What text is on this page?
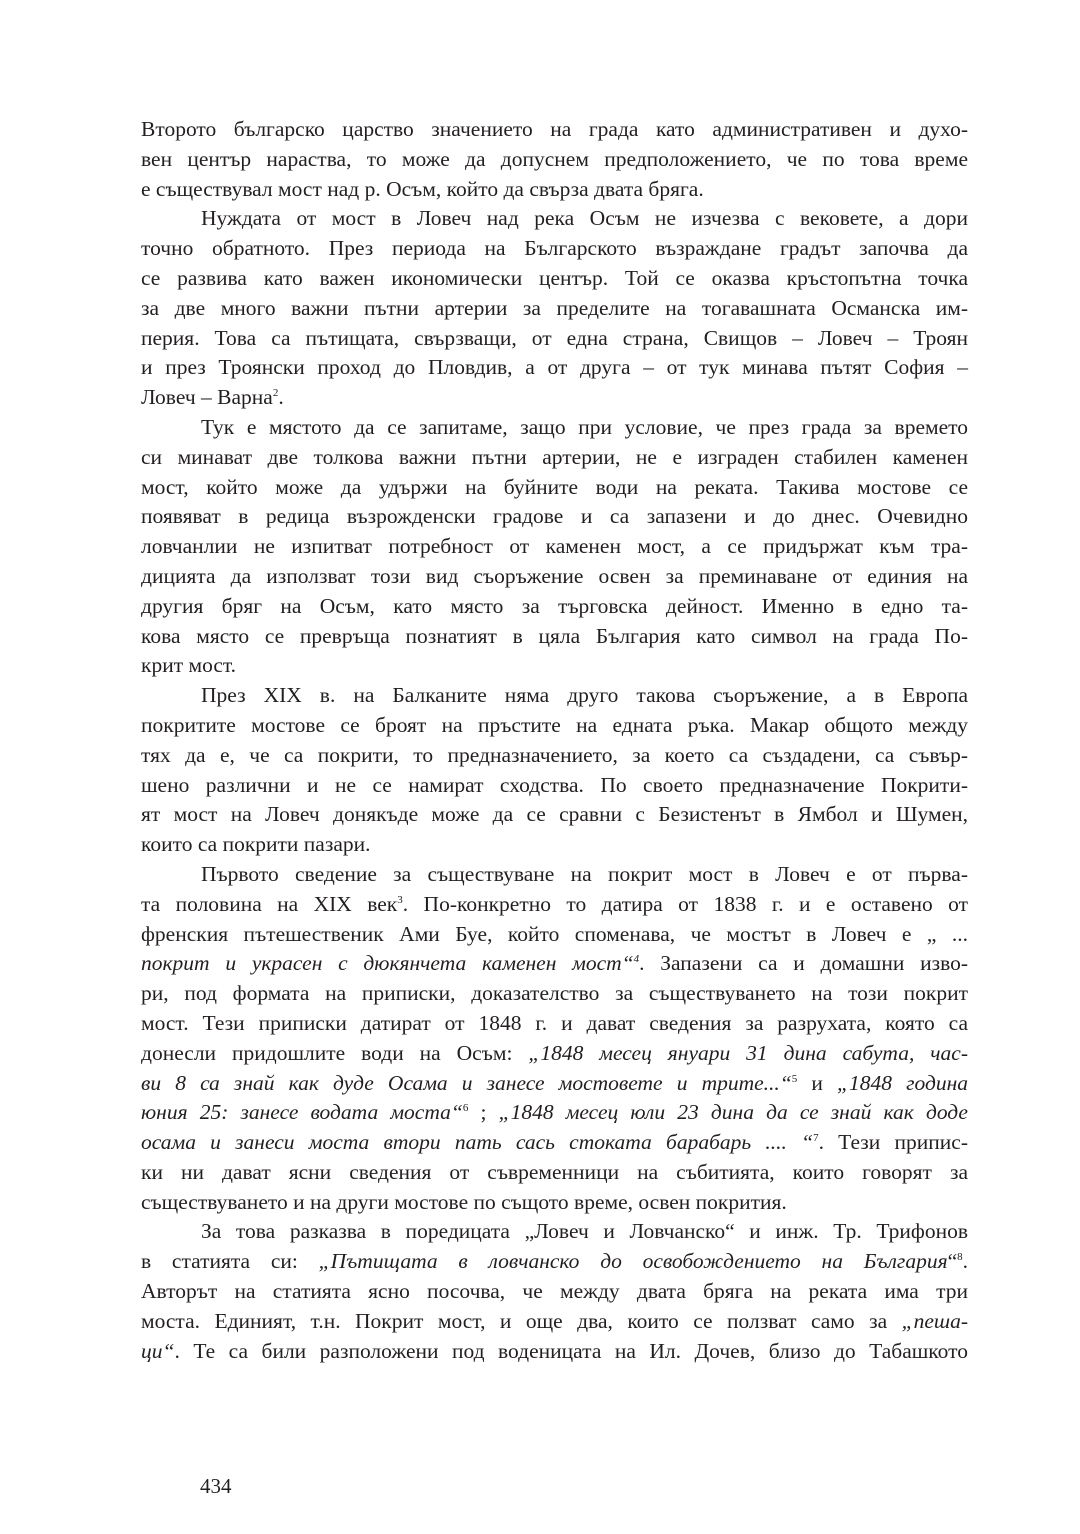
Второто българско царство значението на града като административен и духо-
вен център нараства, то може да допуснем предположението, че по това време
е съществувал мост над р. Осъм, който да свърза двата бряга.
Нуждата от мост в Ловеч над река Осъм не изчезва с вековете, а дори
точно обратното. През периода на Българското възраждане градът започва да
се развива като важен икономически център. Той се оказва кръстопътна точка
за две много важни пътни артерии за пределите на тогавашната Османска им-
перия. Това са пътищата, свързващи, от една страна, Свищов – Ловеч – Троян
и през Троянски проход до Пловдив, а от друга – от тук минава пътят София –
Ловеч – Варна$^2$.
Тук е мястото да се запитаме, защо при условие, че през града за времето
си минават две толкова важни пътни артерии, не е изграден стабилен каменен
мост, който може да удържи на буйните води на реката. Такива мостове се
появяват в редица възрожденски градове и са запазени и до днес. Очевидно
ловчанлии не изпитват потребност от каменен мост, а се придържат към тра-
дицията да използват този вид съоръжение освен за преминаване от единия на
другия бряг на Осъм, като място за търговска дейност. Именно в едно та-
кова място се превръща познатият в цяла България като символ на града По-
крит мост.
През XIX в. на Балканите няма друго такова съоръжение, а в Европа
покритите мостове се броят на пръстите на едната ръка. Макар общото между
тях да е, че са покрити, то предназначението, за което са създадени, са съвър-
шено различни и не се намират сходства. По своето предназначение Покрити-
ят мост на Ловеч донякъде може да се сравни с Безистенът в Ямбол и Шумен,
които са покрити пазари.
Първото сведение за съществуване на покрит мост в Ловеч е от първа-
та половина на XIX век$^3$. По-конкретно то датира от 1838 г. и е оставено от
френския пътешественик Ами Буе, който споменава, че мостът в Ловеч е „ ...
покрит и украсен с дюкянчета каменен мост“$^4$. Запазени са и домашни изво-
ри, под формата на приписки, доказателство за съществуването на този покрит
мост. Тези приписки датират от 1848 г. и дават сведения за разрухата, която са
донесли придошлите води на Осъм: „1848 месец януари 31 дина сабута, час-
ви 8 са знай как дуде Осама и занесе мостовете и трите...“$^5$ и „1848 година
юния 25: занесе водата моста“$^6$ ; „1848 месец юли 23 дина да се знай как доде
осама и занеси моста втори пать сась стоката барабарь .... “$^7$. Тези припис-
ки ни дават ясни сведения от съвременници на събитията, които говорят за
съществуването и на други мостове по същото време, освен покрития.
За това разказва в поредицата „Ловеч и Ловчанско“ и инж. Тр. Трифонов
в статията си: „Пътищата в ловчанско до освобождението на България“$^8$.
Авторът на статията ясно посочва, че между двата бряга на реката има три
моста. Единият, т.н. Покрит мост, и още два, които се ползват само за „пеша-
ци“. Те са били разположени под воденицата на Ил. Дочев, близо до Табашкото
434
